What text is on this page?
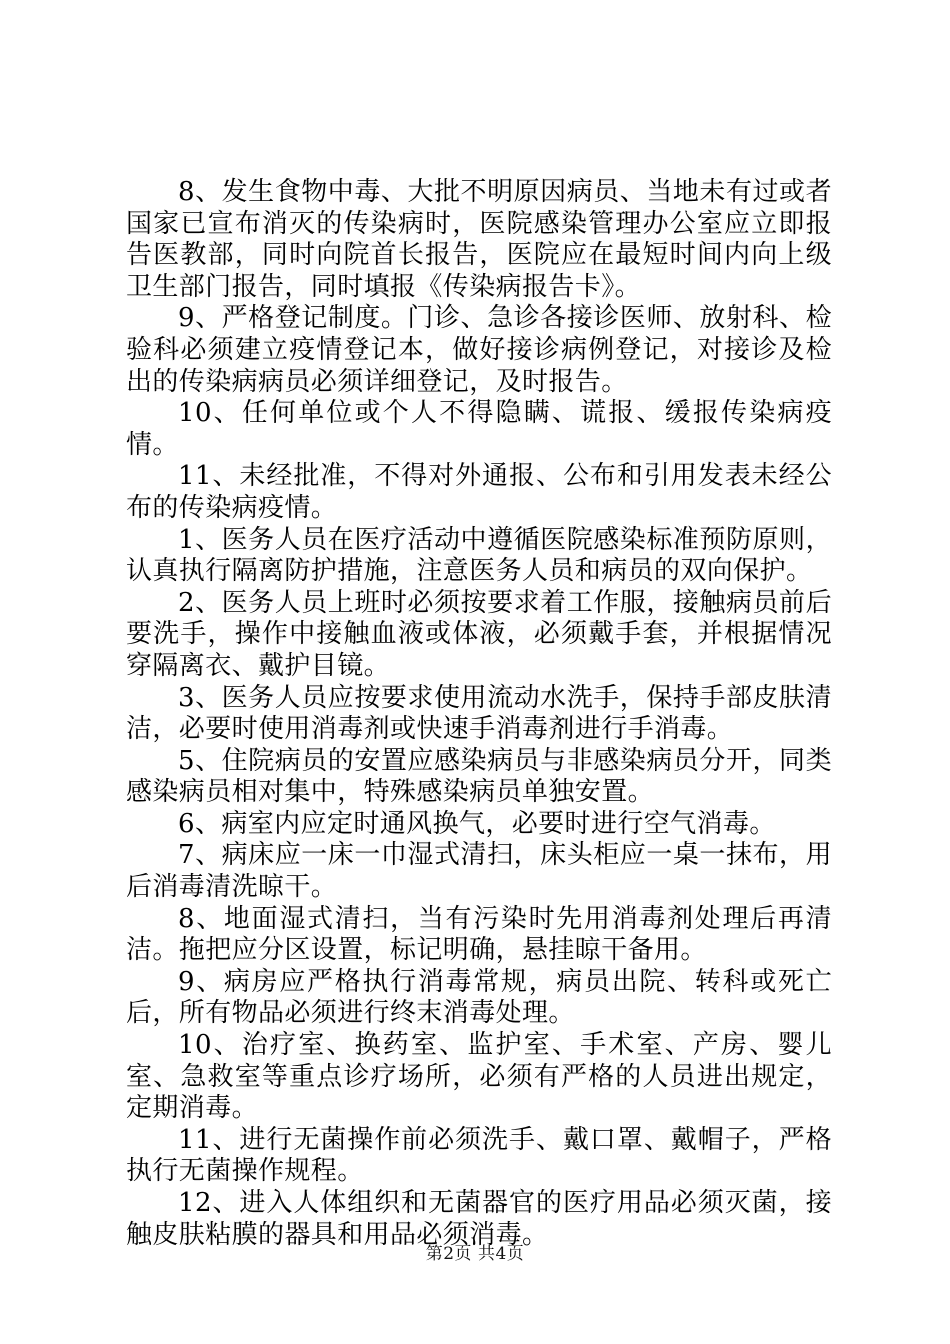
8、发生食物中毒、大批不明原因病员、当地未有过或者国家已宣布消灭的传染病时，医院感染管理办公室应立即报告医教部，同时向院首长报告，医院应在最短时间内向上级卫生部门报告，同时填报《传染病报告卡》。

9、严格登记制度。门诊、急诊各接诊医师、放射科、检验科必须建立疫情登记本，做好接诊病例登记，对接诊及检出的传染病病员必须详细登记，及时报告。

10、任何单位或个人不得隐瞒、谎报、缓报传染病疫情。

11、未经批准，不得对外通报、公布和引用发表未经公布的传染病疫情。

1、医务人员在医疗活动中遵循医院感染标准预防原则，认真执行隔离防护措施，注意医务人员和病员的双向保护。

2、医务人员上班时必须按要求着工作服，接触病员前后要洗手，操作中接触血液或体液，必须戴手套，并根据情况穿隔离衣、戴护目镜。

3、医务人员应按要求使用流动水洗手，保持手部皮肤清洁，必要时使用消毒剂或快速手消毒剂进行手消毒。

5、住院病员的安置应感染病员与非感染病员分开，同类感染病员相对集中，特殊感染病员单独安置。

6、病室内应定时通风换气，必要时进行空气消毒。

7、病床应一床一巾湿式清扫，床头柜应一桌一抹布，用后消毒清洗晾干。

8、地面湿式清扫，当有污染时先用消毒剂处理后再清洁。拖把应分区设置，标记明确，悬挂晾干备用。

9、病房应严格执行消毒常规，病员出院、转科或死亡后，所有物品必须进行终末消毒处理。

10、治疗室、换药室、监护室、手术室、产房、婴儿室、急救室等重点诊疗场所，必须有严格的人员进出规定，定期消毒。

11、进行无菌操作前必须洗手、戴口罩、戴帽子，严格执行无菌操作规程。

12、进入人体组织和无菌器官的医疗用品必须灭菌，接触皮肤粘膜的器具和用品必须消毒。

第2页 共4页
